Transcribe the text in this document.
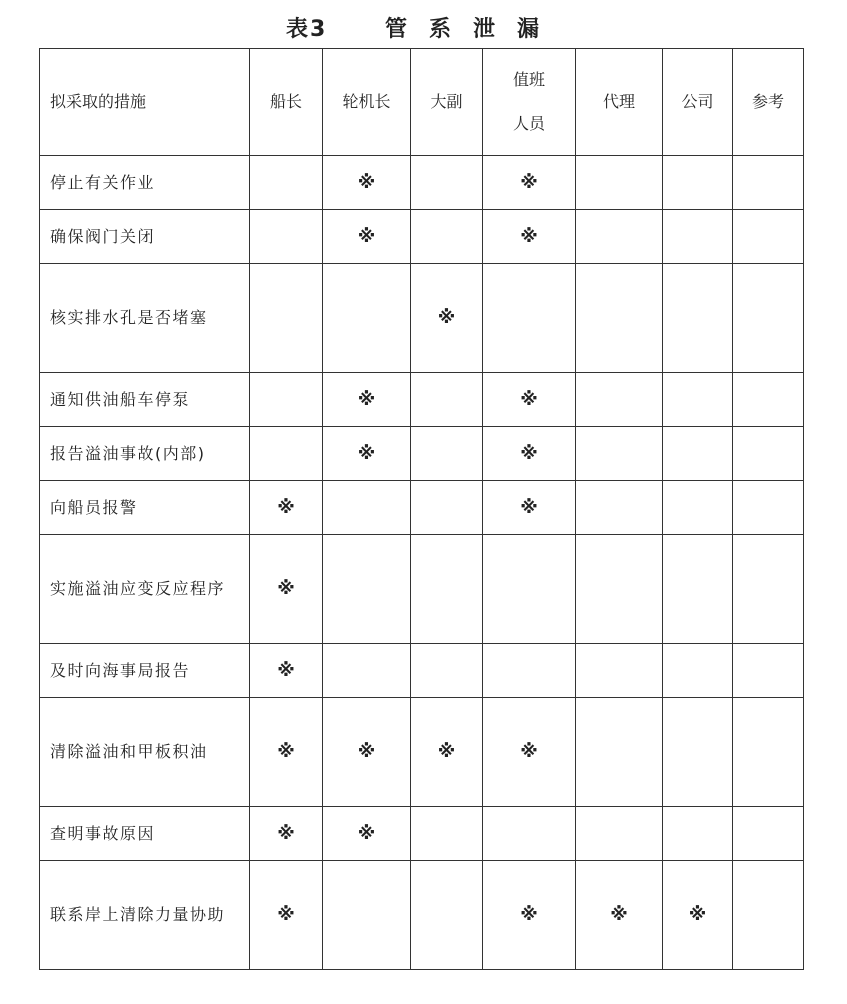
表3	管系泄漏
拟采取的措施	船长	轮机长	大副	值班
人员	代理	公司	参考
停止有关作业		※		※			
确保阀门关闭		※		※			
核实排水孔是否堵塞			※				
通知供油船车停泵		※		※			
报告溢油事故(内部)		※		※			
向船员报警	※			※			
实施溢油应变反应程序	※						
及时向海事局报告	※						
清除溢油和甲板积油	※	※	※	※			
查明事故原因	※	※					
联系岸上清除力量协助	※			※	※	※	
